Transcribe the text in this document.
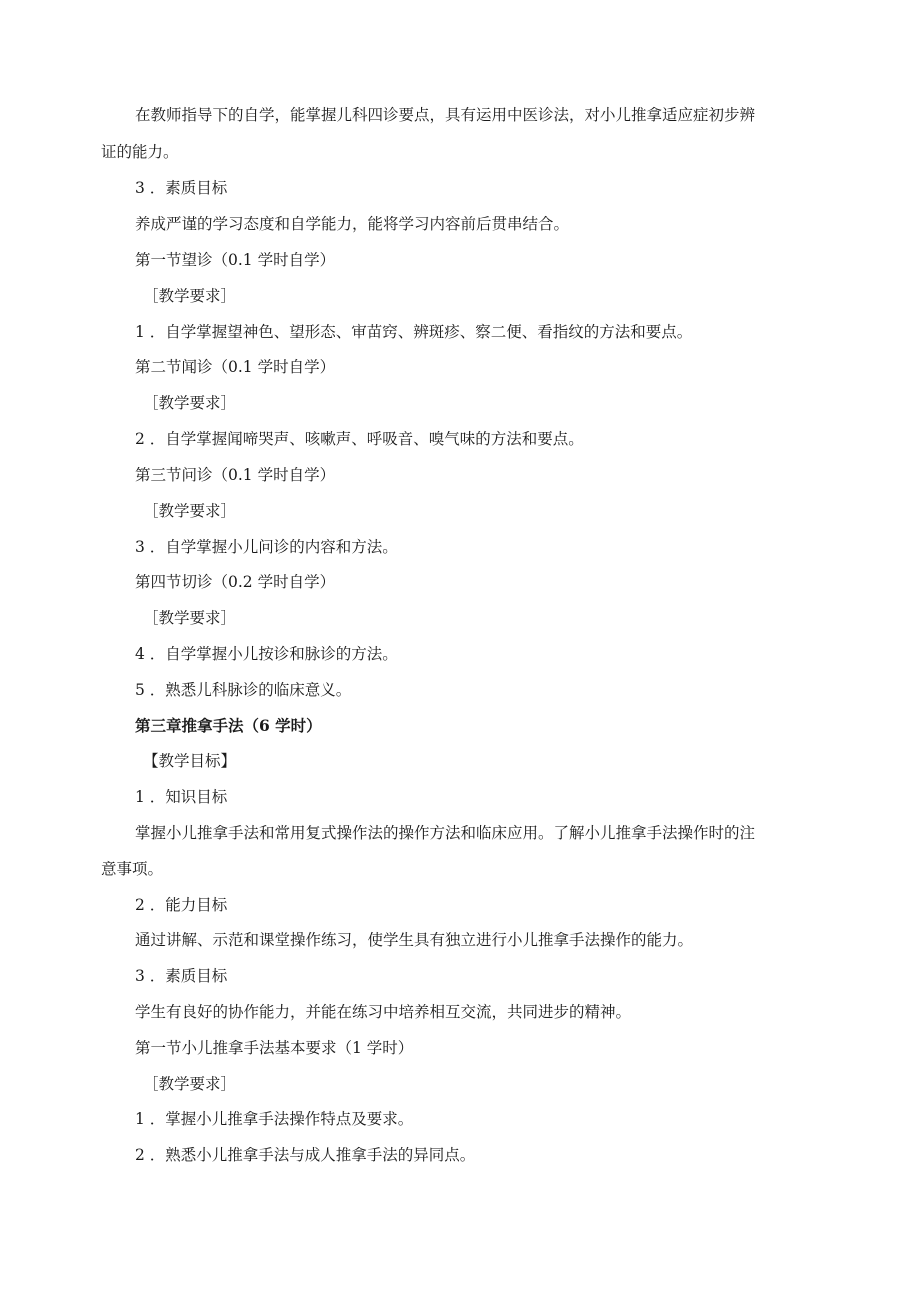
在教师指导下的自学，能掌握儿科四诊要点，具有运用中医诊法，对小儿推拿适应症初步辨
证的能力。
3 ．素质目标
养成严谨的学习态度和自学能力，能将学习内容前后贯串结合。
第一节望诊（0.1 学时自学）
［教学要求］
1 ．自学掌握望神色、望形态、审苗窍、辨斑疹、察二便、看指纹的方法和要点。
第二节闻诊（0.1 学时自学）
［教学要求］
2 ．自学掌握闻啼哭声、咳嗽声、呼吸音、嗅气味的方法和要点。
第三节问诊（0.1 学时自学）
［教学要求］
3 ．自学掌握小儿问诊的内容和方法。
第四节切诊（0.2 学时自学）
［教学要求］
4 ．自学掌握小儿按诊和脉诊的方法。
5 ．熟悉儿科脉诊的临床意义。
第三章推拿手法（6 学时）
【教学目标】
1 ．知识目标
掌握小儿推拿手法和常用复式操作法的操作方法和临床应用。了解小儿推拿手法操作时的注
意事项。
2 ．能力目标
通过讲解、示范和课堂操作练习，使学生具有独立进行小儿推拿手法操作的能力。
3 ．素质目标
学生有良好的协作能力，并能在练习中培养相互交流，共同进步的精神。
第一节小儿推拿手法基本要求（1 学时）
［教学要求］
1 ．掌握小儿推拿手法操作特点及要求。
2 ．熟悉小儿推拿手法与成人推拿手法的异同点。
